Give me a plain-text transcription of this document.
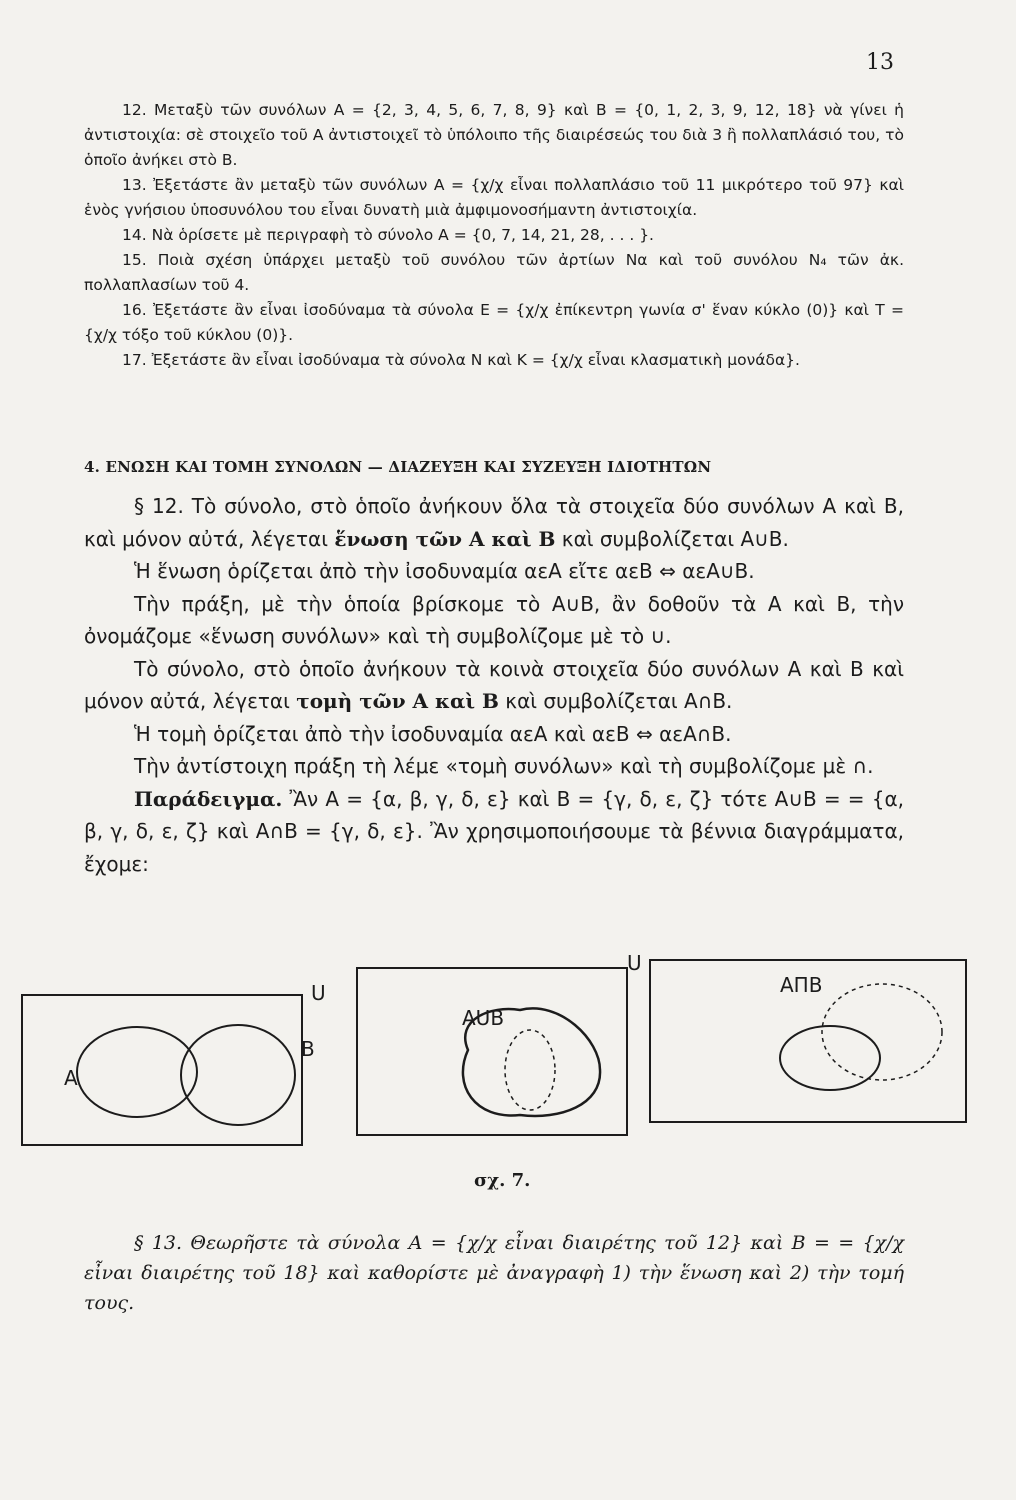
13

12. Μεταξὺ τῶν συνόλων Α = {2, 3, 4, 5, 6, 7, 8, 9} καὶ Β = {0, 1, 2, 3, 9, 12, 18} νὰ γίνει ἡ ἀντιστοιχία: σὲ στοιχεῖο τοῦ Α ἀντιστοιχεῖ τὸ ὑπόλοιπο τῆς διαιρέσεώς του διὰ 3 ἢ πολλαπλάσιό του, τὸ ὁποῖο ἀνήκει στὸ Β.

13. Ἐξετάστε ἂν μεταξὺ τῶν συνόλων Α = {χ/χ εἶναι πολλαπλάσιο τοῦ 11 μικρότερο τοῦ 97} καὶ ἑνὸς γνήσιου ὑποσυνόλου του εἶναι δυνατὴ μιὰ ἀμφιμονοσήμαντη ἀντιστοιχία.

14. Νὰ ὁρίσετε μὲ περιγραφὴ τὸ σύνολο Α = {0, 7, 14, 21, 28, . . . }.

15. Ποιὰ σχέση ὑπάρχει μεταξὺ τοῦ συνόλου τῶν ἀρτίων Να καὶ τοῦ συνόλου Ν₄ τῶν ἀκ. πολλαπλασίων τοῦ 4.

16. Ἐξετάστε ἂν εἶναι ἰσοδύναμα τὰ σύνολα Ε = {χ/χ ἐπίκεντρη γωνία σ' ἕναν κύκλο (0)} καὶ Τ = {χ/χ τόξο τοῦ κύκλου (0)}.

17. Ἐξετάστε ἂν εἶναι ἰσοδύναμα τὰ σύνολα Ν καὶ Κ = {χ/χ εἶναι κλασματικὴ μονάδα}.

4. ΕΝΩΣΗ ΚΑΙ ΤΟΜΗ ΣΥΝΟΛΩΝ — ΔΙΑΖΕΥΞΗ ΚΑΙ ΣΥΖΕΥΞΗ ΙΔΙΟΤΗΤΩΝ

§ 12. Τὸ σύνολο, στὸ ὁποῖο ἀνήκουν ὅλα τὰ στοιχεῖα δύο συνόλων Α καὶ Β, καὶ μόνον αὐτά, λέγεται ἕνωση τῶν Α καὶ Β καὶ συμβολίζεται Α∪Β.

Ἡ ἕνωση ὁρίζεται ἀπὸ τὴν ἰσοδυναμία αεΑ εἴτε αεΒ ⇔ αεΑ∪Β.

Τὴν πράξη, μὲ τὴν ὁποία βρίσκομε τὸ Α∪Β, ἂν δοθοῦν τὰ Α καὶ Β, τὴν ὀνομάζομε «ἕνωση συνόλων» καὶ τὴ συμβολίζομε μὲ τὸ ∪.

Τὸ σύνολο, στὸ ὁποῖο ἀνήκουν τὰ κοινὰ στοιχεῖα δύο συνόλων Α καὶ Β καὶ μόνον αὐτά, λέγεται τομὴ τῶν Α καὶ Β καὶ συμβολίζεται Α∩Β.

Ἡ τομὴ ὁρίζεται ἀπὸ τὴν ἰσοδυναμία αεΑ καὶ αεΒ ⇔ αεΑ∩Β.

Τὴν ἀντίστοιχη πράξη τὴ λέμε «τομὴ συνόλων» καὶ τὴ συμβολίζομε μὲ ∩.

Παράδειγμα. Ἂν Α = {α, β, γ, δ, ε} καὶ Β = {γ, δ, ε, ζ} τότε Α∪Β = = {α, β, γ, δ, ε, ζ} καὶ Α∩Β = {γ, δ, ε}. Ἂν χρησιμοποιήσουμε τὰ βέννια διαγράμματα, ἔχομε:

U
Α
Β
U
ΑUΒ
ΑΠΒ
σχ. 7.

§ 13. Θεωρῆστε τὰ σύνολα Α = {χ/χ εἶναι διαιρέτης τοῦ 12} καὶ Β = = {χ/χ εἶναι διαιρέτης τοῦ 18} καὶ καθορίστε μὲ ἀναγραφὴ 1) τὴν ἕνωση καὶ 2) τὴν τομή τους.
